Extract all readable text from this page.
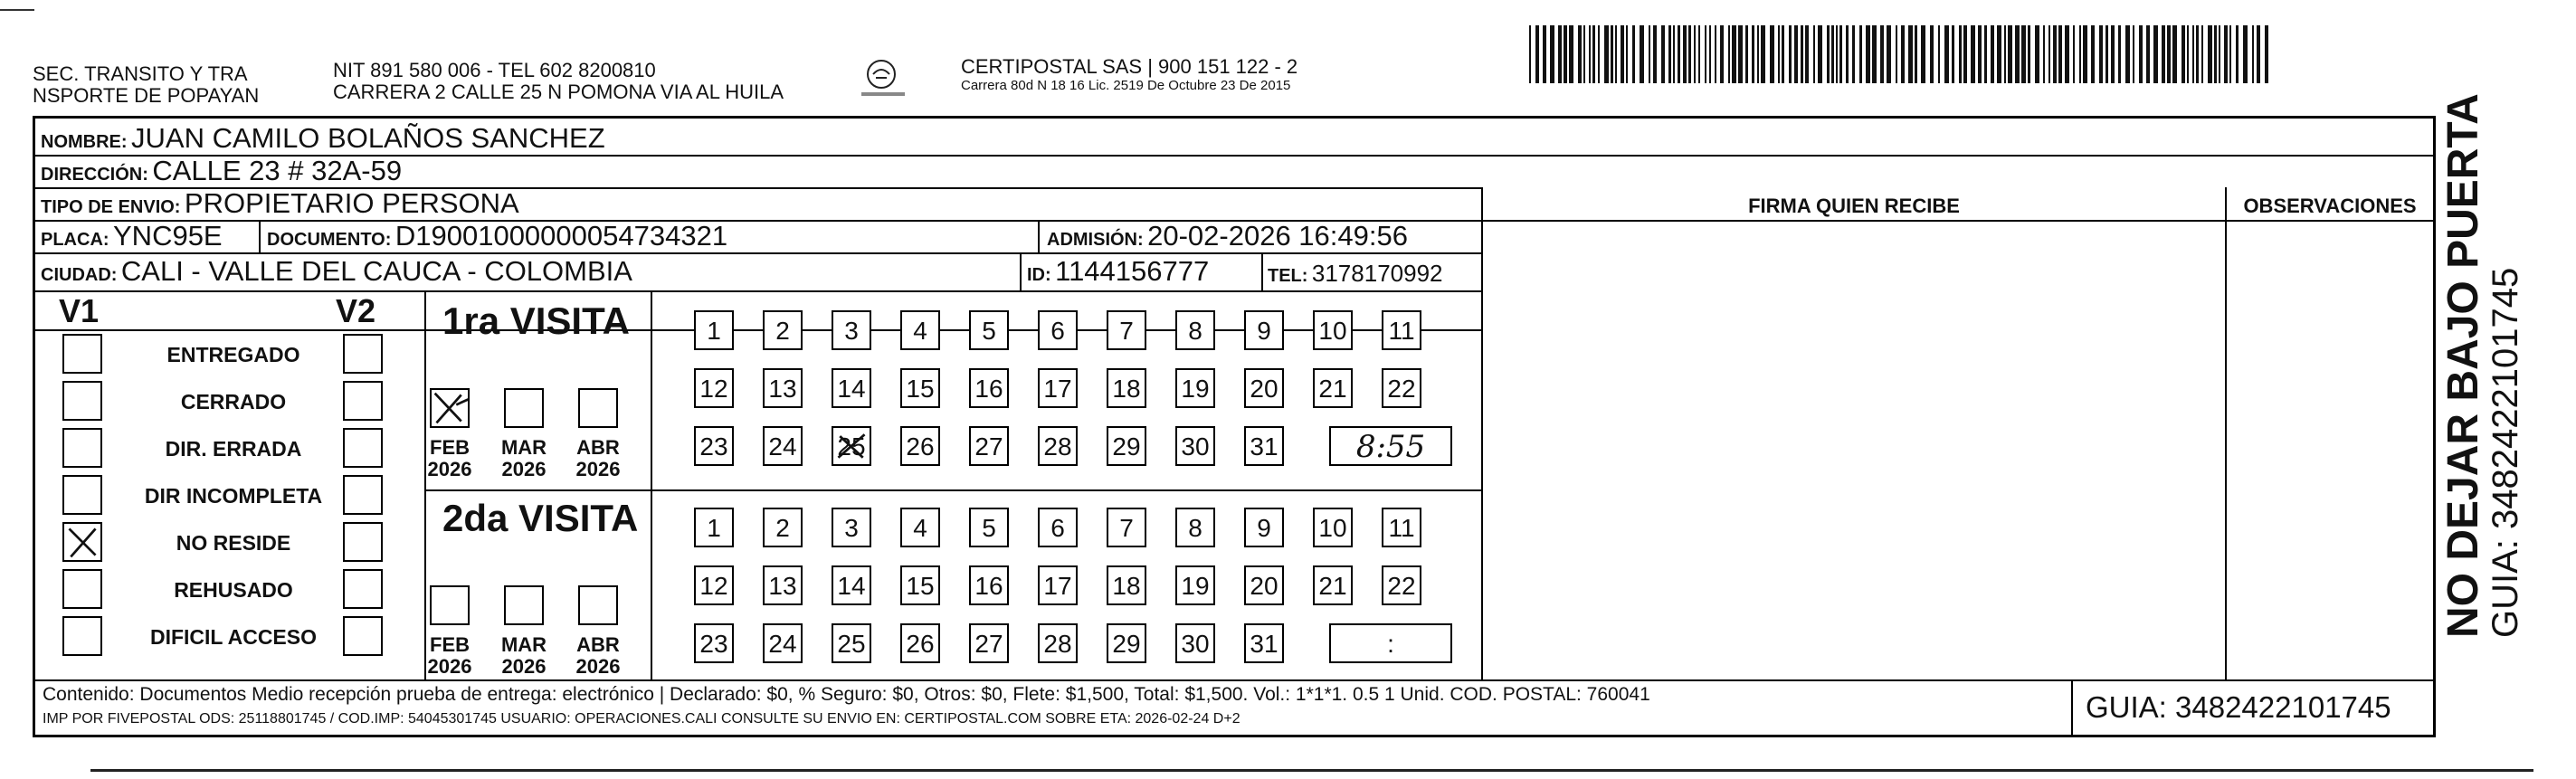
SEC. TRANSITO Y TRA
NSPORTE DE POPAYAN
NIT 891 580 006 - TEL 602 8200810
CARRERA 2 CALLE 25 N POMONA VIA AL HUILA
CERTIPOSTAL SAS | 900 151 122 - 2
Carrera 80d N 18 16 Lic. 2519 De Octubre 23 De 2015
NOMBRE: JUAN CAMILO BOLAÑOS SANCHEZ
DIRECCIÓN: CALLE 23 # 32A-59
TIPO DE ENVIO: PROPIETARIO PERSONA	FIRMA QUIEN RECIBE	OBSERVACIONES
PLACA: YNC95E DOCUMENTO: D19001000000054734321	ADMISIÓN: 20-02-2026 16:49:56
CIUDAD: CALI - VALLE DEL CAUCA - COLOMBIA	ID: 1144156777	TEL: 3178170992
V1	V2
ENTREGADO
CERRADO
DIR. ERRADA
DIR INCOMPLETA
NO RESIDE
REHUSADO
DIFICIL ACCESO
1ra VISITA
FEB
2026
MAR
2026
ABR
2026
1	2	3	4	5	6	7	8	9	10 11
12 13 14 15 16 17 18 19 20 21 22
23 24 25 26 27 28 29 30 31	8:55
2da VISITA
FEB
2026
MAR
2026
ABR
2026
1	2	3	4	5	6	7	8	9	10 11
12 13 14 15 16 17 18 19 20 21 22
23 24 25 26 27 28 29 30 31	:
Contenido: Documentos Medio recepción prueba de entrega: electrónico | Declarado: $0, % Seguro: $0, Otros: $0, Flete: $1,500, Total: $1,500. Vol.: 1*1*1. 0.5 1 Unid. COD. POSTAL: 760041
IMP POR FIVEPOSTAL ODS: 25118801745 / COD.IMP: 54045301745 USUARIO: OPERACIONES.CALI CONSULTE SU ENVIO EN: CERTIPOSTAL.COM SOBRE ETA: 2026-02-24 D+2	GUIA: 3482422101745
NO DEJAR BAJO PUERTA
GUIA: 3482422101745
